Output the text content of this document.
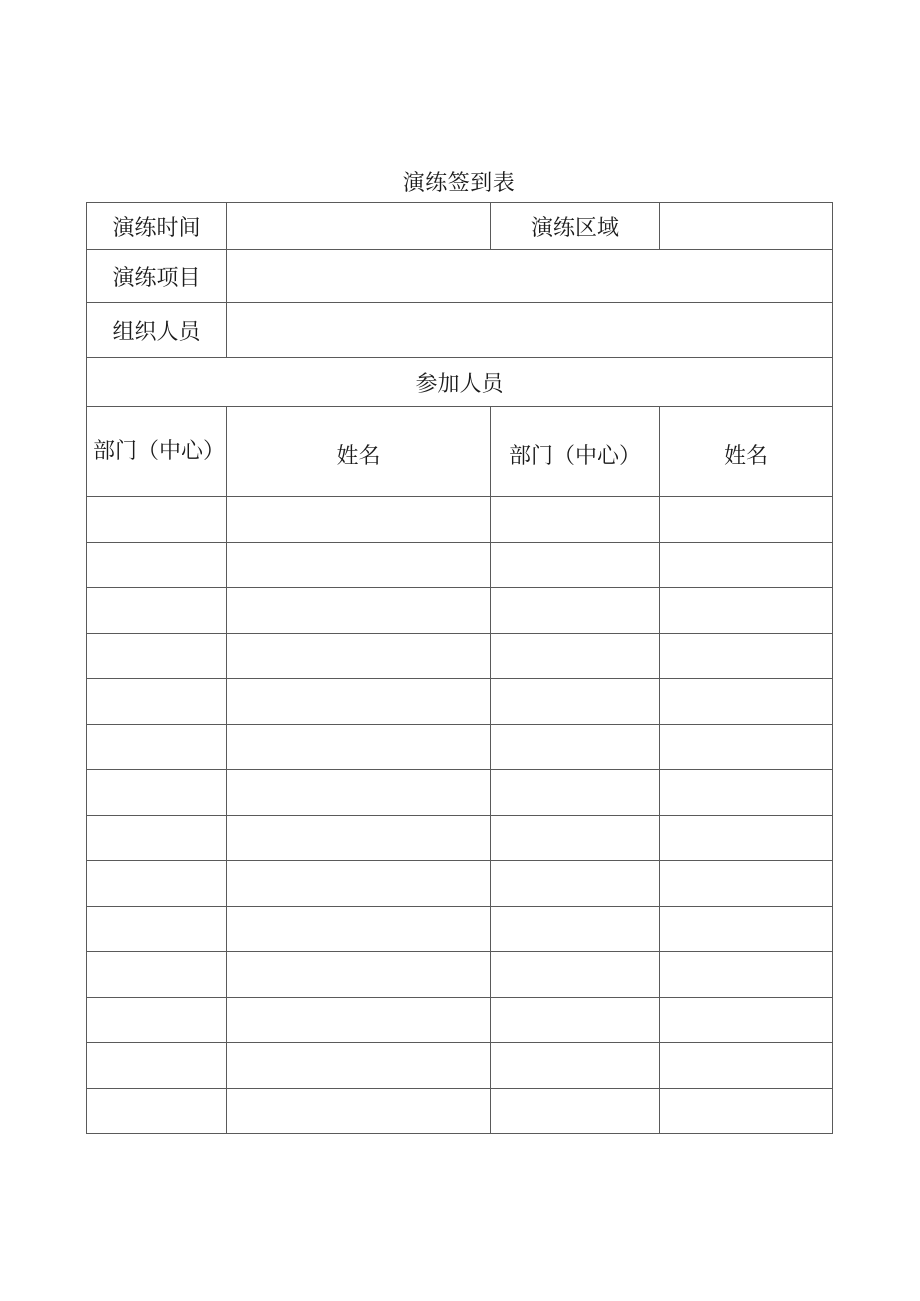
演练签到表
演练时间		演练区域	
演练项目			
组织人员			
参加人员			
部门（中心）	姓名	部门（中心）	姓名
